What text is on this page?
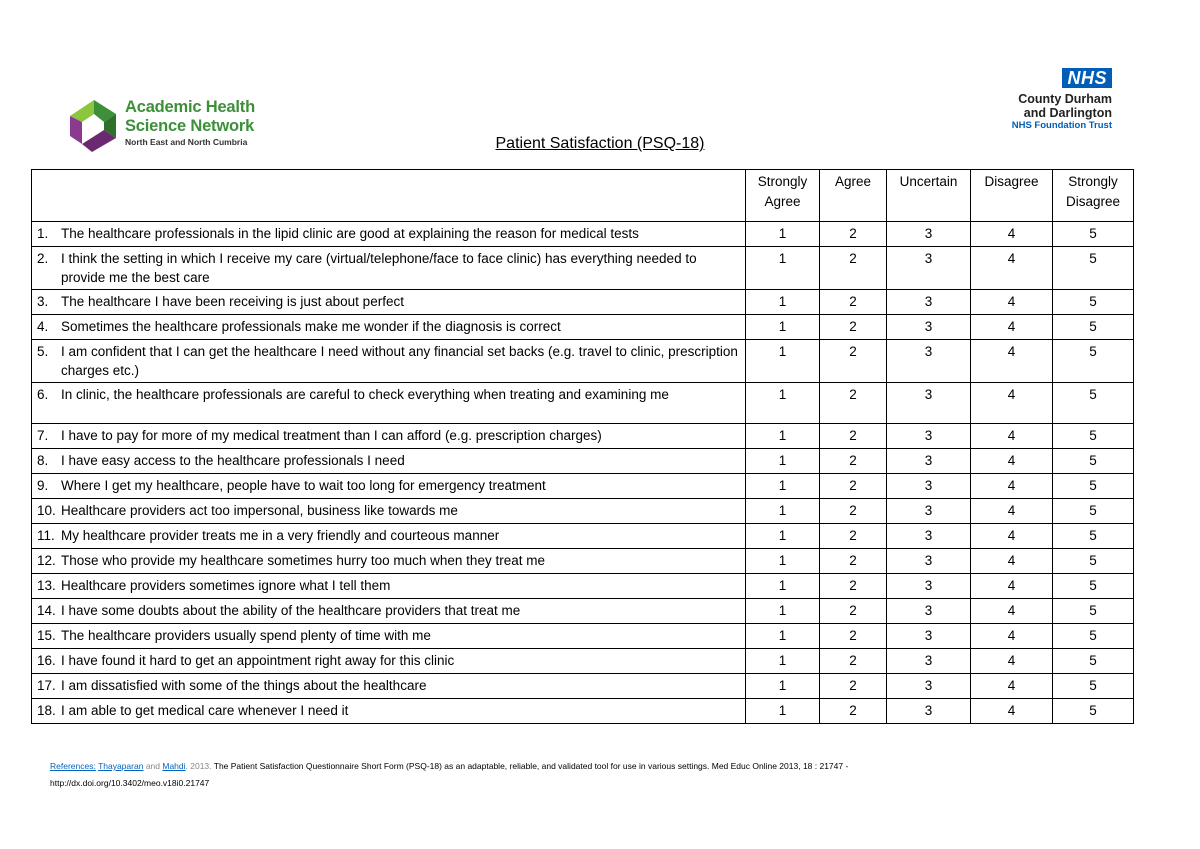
Academic Health
Science Network
North East and North Cumbria
NHS
County Durham
and Darlington
NHS Foundation Trust
Patient Satisfaction (PSQ-18)
	Strongly Agree	Agree	Uncertain	Disagree	Strongly Disagree
1. The healthcare professionals in the lipid clinic are good at explaining the reason for medical tests	1	2	3	4	5
2. I think the setting in which I receive my care (virtual/telephone/face to face clinic) has everything needed to provide me the best care	1	2	3	4	5
3. The healthcare I have been receiving is just about perfect	1	2	3	4	5
4. Sometimes the healthcare professionals make me wonder if the diagnosis is correct	1	2	3	4	5
5. I am confident that I can get the healthcare I need without any financial set backs (e.g. travel to clinic, prescription charges etc.)	1	2	3	4	5
6. In clinic, the healthcare professionals are careful to check everything when treating and examining me	1	2	3	4	5
7. I have to pay for more of my medical treatment than I can afford (e.g. prescription charges)	1	2	3	4	5
8. I have easy access to the healthcare professionals I need	1	2	3	4	5
9. Where I get my healthcare, people have to wait too long for emergency treatment	1	2	3	4	5
10. Healthcare providers act too impersonal, business like towards me	1	2	3	4	5
11. My healthcare provider treats me in a very friendly and courteous manner	1	2	3	4	5
12. Those who provide my healthcare sometimes hurry too much when they treat me	1	2	3	4	5
13. Healthcare providers sometimes ignore what I tell them	1	2	3	4	5
14. I have some doubts about the ability of the healthcare providers that treat me	1	2	3	4	5
15. The healthcare providers usually spend plenty of time with me	1	2	3	4	5
16. I have found it hard to get an appointment right away for this clinic	1	2	3	4	5
17. I am dissatisfied with some of the things about the healthcare	1	2	3	4	5
18. I am able to get medical care whenever I need it	1	2	3	4	5
References: Thayaparan and Mahdi. 2013. The Patient Satisfaction Questionnaire Short Form (PSQ-18) as an adaptable, reliable, and validated tool for use in various settings. Med Educ Online 2013, 18 : 21747 -
http://dx.doi.org/10.3402/meo.v18i0.21747
